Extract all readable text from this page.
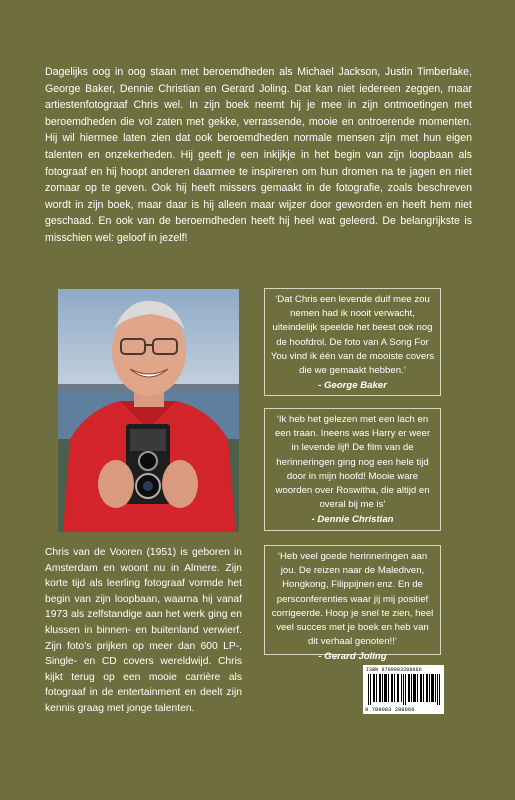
Dagelijks oog in oog staan met beroemdheden als Michael Jackson, Justin Timberlake, George Baker, Dennie Christian en Gerard Joling. Dat kan niet iedereen zeggen, maar artiestenfotograaf Chris wel. In zijn boek neemt hij je mee in zijn ontmoetingen met beroemdheden die vol zaten met gekke, verrassende, mooie en ontroerende momenten. Hij wil hiermee laten zien dat ook beroemdheden normale mensen zijn met hun eigen talenten en onzekerheden. Hij geeft je een inkijkje in het begin van zijn loopbaan als fotograaf en hij hoopt anderen daarmee te inspireren om hun dromen na te jagen en niet zomaar op te geven. Ook hij heeft missers gemaakt in de fotografie, zoals beschreven wordt in zijn boek, maar daar is hij alleen maar wijzer door geworden en heeft hem niet geschaad. En ook van de beroemdheden heeft hij heel wat geleerd. De belangrijkste is misschien wel: geloof in jezelf!

‘Dat Chris een levende duif mee zou nemen had ik nooit verwacht, uiteindelijk speelde het beest ook nog de hoofdrol. De foto van A Song For You vind ik één van de mooiste covers die we gemaakt hebben.’

- George Baker

‘Ik heb het gelezen met een lach en een traan. Ineens was Harry er weer in levende lijf! De film van de herinneringen ging nog een hele tijd door in mijn hoofd! Mooie ware woorden over Roswitha, die altijd en overal bij me is’

- Dennie Christian

Chris van de Vooren (1951) is geboren in Amsterdam en woont nu in Almere. Zijn korte tijd als leerling fotograaf vormde het begin van zijn loopbaan, waarna hij vanaf 1973 als zelfstandige aan het werk ging en klussen in binnen- en buitenland verwierf. Zijn foto’s prijken op meer dan 600 LP-, Single- en CD covers wereldwijd. Chris kijkt terug op een mooie carrière als fotograaf in de entertainment en deelt zijn kennis graag met jonge talenten.

‘Heb veel goede herinneringen aan jou. De reizen naar de Malediven, Hongkong, Filippijnen enz. En de persconferenties waar jij mij positief corrigeerde. Hoop je snel te zien, heel veel succes met je boek en heb van dit verhaal genoten!!’

- Gerard Joling

ISBN 9789083288666
9 789083 288666
